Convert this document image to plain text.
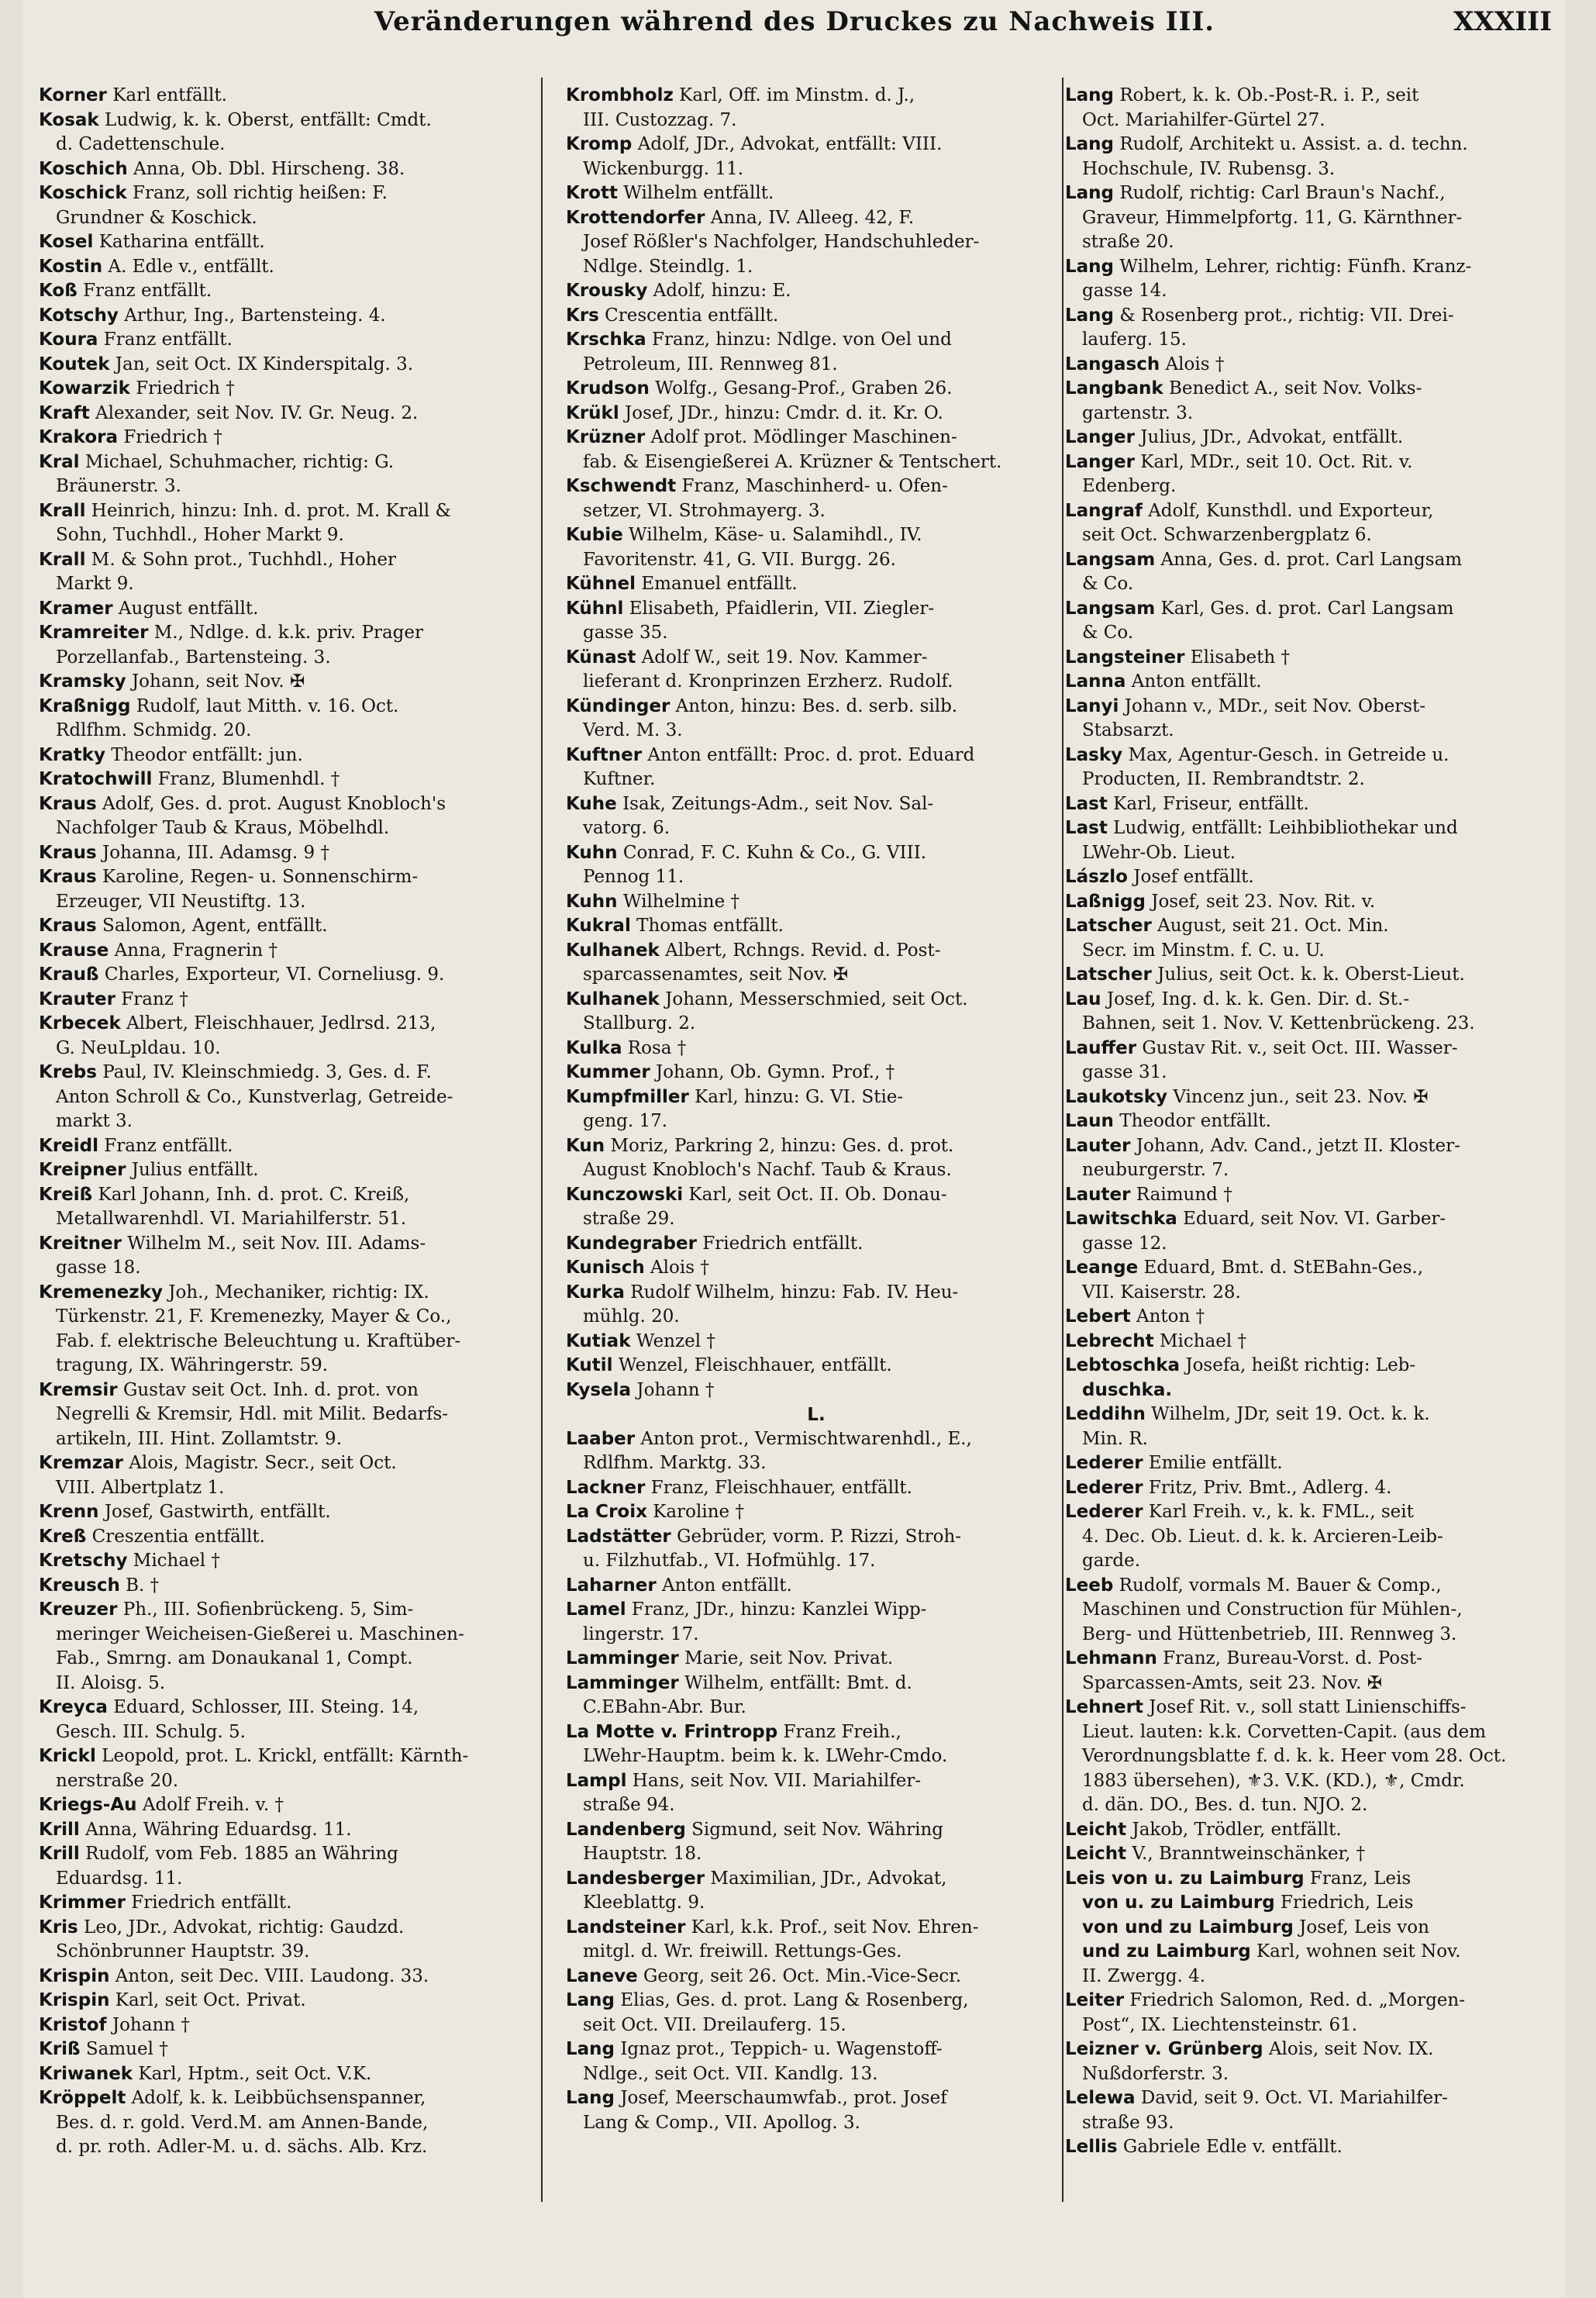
Veränderungen während des Druckes zu Nachweis III.	XXXIII
Korner Karl entfällt.
Kosak Ludwig, k. k. Oberst, entfällt: Cmdt.
d. Cadettenschule.
Koschich Anna, Ob. Dbl. Hirscheng. 38.
Koschick Franz, soll richtig heißen: F.
Grundner & Koschick.
Kosel Katharina entfällt.
Kostin A. Edle v., entfällt.
Koß Franz entfällt.
Kotschy Arthur, Ing., Bartensteing. 4.
Koura Franz entfällt.
Koutek Jan, seit Oct. IX Kinderspitalg. 3.
Kowarzik Friedrich †
Kraft Alexander, seit Nov. IV. Gr. Neug. 2.
Krakora Friedrich †
Kral Michael, Schuhmacher, richtig: G.
Bräunerstr. 3.
Krall Heinrich, hinzu: Inh. d. prot. M. Krall &
Sohn, Tuchhdl., Hoher Markt 9.
Krall M. & Sohn prot., Tuchhdl., Hoher
Markt 9.
Kramer August entfällt.
Kramreiter M., Ndlge. d. k.k. priv. Prager
Porzellanfab., Bartensteing. 3.
Kramsky Johann, seit Nov. ✠
Kraßnigg Rudolf, laut Mitth. v. 16. Oct.
Rdlfhm. Schmidg. 20.
Kratky Theodor entfällt: jun.
Kratochwill Franz, Blumenhdl. †
Kraus Adolf, Ges. d. prot. August Knobloch's
Nachfolger Taub & Kraus, Möbelhdl.
Kraus Johanna, III. Adamsg. 9 †
Kraus Karoline, Regen- u. Sonnenschirm-
Erzeuger, VII Neustiftg. 13.
Kraus Salomon, Agent, entfällt.
Krause Anna, Fragnerin †
Krauß Charles, Exporteur, VI. Corneliusg. 9.
Krauter Franz †
Krbecek Albert, Fleischhauer, Jedlrsd. 213,
G. NeuLpldau. 10.
Krebs Paul, IV. Kleinschmiedg. 3, Ges. d. F.
Anton Schroll & Co., Kunstverlag, Getreide-
markt 3.
Kreidl Franz entfällt.
Kreipner Julius entfällt.
Kreiß Karl Johann, Inh. d. prot. C. Kreiß,
Metallwarenhdl. VI. Mariahilferstr. 51.
Kreitner Wilhelm M., seit Nov. III. Adams-
gasse 18.
Kremenezky Joh., Mechaniker, richtig: IX.
Türkenstr. 21, F. Kremenezky, Mayer & Co.,
Fab. f. elektrische Beleuchtung u. Kraftüber-
tragung, IX. Währingerstr. 59.
Kremsir Gustav seit Oct. Inh. d. prot. von
Negrelli & Kremsir, Hdl. mit Milit. Bedarfs-
artikeln, III. Hint. Zollamtstr. 9.
Kremzar Alois, Magistr. Secr., seit Oct.
VIII. Albertplatz 1.
Krenn Josef, Gastwirth, entfällt.
Kreß Creszentia entfällt.
Kretschy Michael †
Kreusch B. †
Kreuzer Ph., III. Sofienbrückeng. 5, Sim-
meringer Weicheisen-Gießerei u. Maschinen-
Fab., Smrng. am Donaukanal 1, Compt.
II. Aloisg. 5.
Kreyca Eduard, Schlosser, III. Steing. 14,
Gesch. III. Schulg. 5.
Krickl Leopold, prot. L. Krickl, entfällt: Kärnth-
nerstraße 20.
Kriegs-Au Adolf Freih. v. †
Krill Anna, Währing Eduardsg. 11.
Krill Rudolf, vom Feb. 1885 an Währing
Eduardsg. 11.
Krimmer Friedrich entfällt.
Kris Leo, JDr., Advokat, richtig: Gaudzd.
Schönbrunner Hauptstr. 39.
Krispin Anton, seit Dec. VIII. Laudong. 33.
Krispin Karl, seit Oct. Privat.
Kristof Johann †
Kriß Samuel †
Kriwanek Karl, Hptm., seit Oct. V.K.
Kröppelt Adolf, k. k. Leibbüchsenspanner,
Bes. d. r. gold. Verd.M. am Annen-Bande,
d. pr. roth. Adler-M. u. d. sächs. Alb. Krz.
Krombholz Karl, Off. im Minstm. d. J.,
III. Custozzag. 7.
Kromp Adolf, JDr., Advokat, entfällt: VIII.
Wickenburgg. 11.
Krott Wilhelm entfällt.
Krottendorfer Anna, IV. Alleeg. 42, F.
Josef Rößler's Nachfolger, Handschuhleder-
Ndlge. Steindlg. 1.
Krousky Adolf, hinzu: E.
Krs Crescentia entfällt.
Krschka Franz, hinzu: Ndlge. von Oel und
Petroleum, III. Rennweg 81.
Krudson Wolfg., Gesang-Prof., Graben 26.
Krükl Josef, JDr., hinzu: Cmdr. d. it. Kr. O.
Krüzner Adolf prot. Mödlinger Maschinen-
fab. & Eisengießerei A. Krüzner & Tentschert.
Kschwendt Franz, Maschinherd- u. Ofen-
setzer, VI. Strohmayerg. 3.
Kubie Wilhelm, Käse- u. Salamihdl., IV.
Favoritenstr. 41, G. VII. Burgg. 26.
Kühnel Emanuel entfällt.
Kühnl Elisabeth, Pfaidlerin, VII. Ziegler-
gasse 35.
Künast Adolf W., seit 19. Nov. Kammer-
lieferant d. Kronprinzen Erzherz. Rudolf.
Kündinger Anton, hinzu: Bes. d. serb. silb.
Verd. M. 3.
Kuftner Anton entfällt: Proc. d. prot. Eduard
Kuftner.
Kuhe Isak, Zeitungs-Adm., seit Nov. Sal-
vatorg. 6.
Kuhn Conrad, F. C. Kuhn & Co., G. VIII.
Pennog 11.
Kuhn Wilhelmine †
Kukral Thomas entfällt.
Kulhanek Albert, Rchngs. Revid. d. Post-
sparcassenamtes, seit Nov. ✠
Kulhanek Johann, Messerschmied, seit Oct.
Stallburg. 2.
Kulka Rosa †
Kummer Johann, Ob. Gymn. Prof., †
Kumpfmiller Karl, hinzu: G. VI. Stie-
geng. 17.
Kun Moriz, Parkring 2, hinzu: Ges. d. prot.
August Knobloch's Nachf. Taub & Kraus.
Kunczowski Karl, seit Oct. II. Ob. Donau-
straße 29.
Kundegraber Friedrich entfällt.
Kunisch Alois †
Kurka Rudolf Wilhelm, hinzu: Fab. IV. Heu-
mühlg. 20.
Kutiak Wenzel †
Kutil Wenzel, Fleischhauer, entfällt.
Kysela Johann †
L.
Laaber Anton prot., Vermischtwarenhdl., E.,
Rdlfhm. Marktg. 33.
Lackner Franz, Fleischhauer, entfällt.
La Croix Karoline †
Ladstätter Gebrüder, vorm. P. Rizzi, Stroh-
u. Filzhutfab., VI. Hofmühlg. 17.
Laharner Anton entfällt.
Lamel Franz, JDr., hinzu: Kanzlei Wipp-
lingerstr. 17.
Lamminger Marie, seit Nov. Privat.
Lamminger Wilhelm, entfällt: Bmt. d.
C.EBahn-Abr. Bur.
La Motte v. Frintropp Franz Freih.,
LWehr-Hauptm. beim k. k. LWehr-Cmdo.
Lampl Hans, seit Nov. VII. Mariahilfer-
straße 94.
Landenberg Sigmund, seit Nov. Währing
Hauptstr. 18.
Landesberger Maximilian, JDr., Advokat,
Kleeblattg. 9.
Landsteiner Karl, k.k. Prof., seit Nov. Ehren-
mitgl. d. Wr. freiwill. Rettungs-Ges.
Laneve Georg, seit 26. Oct. Min.-Vice-Secr.
Lang Elias, Ges. d. prot. Lang & Rosenberg,
seit Oct. VII. Dreilauferg. 15.
Lang Ignaz prot., Teppich- u. Wagenstoff-
Ndlge., seit Oct. VII. Kandlg. 13.
Lang Josef, Meerschaumwfab., prot. Josef
Lang & Comp., VII. Apollog. 3.
Lang Robert, k. k. Ob.-Post-R. i. P., seit
Oct. Mariahilfer-Gürtel 27.
Lang Rudolf, Architekt u. Assist. a. d. techn.
Hochschule, IV. Rubensg. 3.
Lang Rudolf, richtig: Carl Braun's Nachf.,
Graveur, Himmelpfortg. 11, G. Kärnthner-
straße 20.
Lang Wilhelm, Lehrer, richtig: Fünfh. Kranz-
gasse 14.
Lang & Rosenberg prot., richtig: VII. Drei-
lauferg. 15.
Langasch Alois †
Langbank Benedict A., seit Nov. Volks-
gartenstr. 3.
Langer Julius, JDr., Advokat, entfällt.
Langer Karl, MDr., seit 10. Oct. Rit. v.
Edenberg.
Langraf Adolf, Kunsthdl. und Exporteur,
seit Oct. Schwarzenbergplatz 6.
Langsam Anna, Ges. d. prot. Carl Langsam
& Co.
Langsam Karl, Ges. d. prot. Carl Langsam
& Co.
Langsteiner Elisabeth †
Lanna Anton entfällt.
Lanyi Johann v., MDr., seit Nov. Oberst-
Stabsarzt.
Lasky Max, Agentur-Gesch. in Getreide u.
Producten, II. Rembrandtstr. 2.
Last Karl, Friseur, entfällt.
Last Ludwig, entfällt: Leihbibliothekar und
LWehr-Ob. Lieut.
Lászlo Josef entfällt.
Laßnigg Josef, seit 23. Nov. Rit. v.
Latscher August, seit 21. Oct. Min.
Secr. im Minstm. f. C. u. U.
Latscher Julius, seit Oct. k. k. Oberst-Lieut.
Lau Josef, Ing. d. k. k. Gen. Dir. d. St.-
Bahnen, seit 1. Nov. V. Kettenbrückeng. 23.
Lauffer Gustav Rit. v., seit Oct. III. Wasser-
gasse 31.
Laukotsky Vincenz jun., seit 23. Nov. ✠
Laun Theodor entfällt.
Lauter Johann, Adv. Cand., jetzt II. Kloster-
neuburgerstr. 7.
Lauter Raimund †
Lawitschka Eduard, seit Nov. VI. Garber-
gasse 12.
Leange Eduard, Bmt. d. StEBahn-Ges.,
VII. Kaiserstr. 28.
Lebert Anton †
Lebrecht Michael †
Lebtoschka Josefa, heißt richtig: Leb-
duschka.
Leddihn Wilhelm, JDr, seit 19. Oct. k. k.
Min. R.
Lederer Emilie entfällt.
Lederer Fritz, Priv. Bmt., Adlerg. 4.
Lederer Karl Freih. v., k. k. FML., seit
4. Dec. Ob. Lieut. d. k. k. Arcieren-Leib-
garde.
Leeb Rudolf, vormals M. Bauer & Comp.,
Maschinen und Construction für Mühlen-,
Berg- und Hüttenbetrieb, III. Rennweg 3.
Lehmann Franz, Bureau-Vorst. d. Post-
Sparcassen-Amts, seit 23. Nov. ✠
Lehnert Josef Rit. v., soll statt Linienschiffs-
Lieut. lauten: k.k. Corvetten-Capit. (aus dem
Verordnungsblatte f. d. k. k. Heer vom 28. Oct.
1883 übersehen), ⚜3. V.K. (KD.), ⚜, Cmdr.
d. dän. DO., Bes. d. tun. NJO. 2.
Leicht Jakob, Trödler, entfällt.
Leicht V., Branntweinschänker, †
Leis von u. zu Laimburg Franz, Leis
von u. zu Laimburg Friedrich, Leis
von und zu Laimburg Josef, Leis von
und zu Laimburg Karl, wohnen seit Nov.
II. Zwergg. 4.
Leiter Friedrich Salomon, Red. d. „Morgen-
Post“, IX. Liechtensteinstr. 61.
Leizner v. Grünberg Alois, seit Nov. IX.
Nußdorferstr. 3.
Lelewa David, seit 9. Oct. VI. Mariahilfer-
straße 93.
Lellis Gabriele Edle v. entfällt.
